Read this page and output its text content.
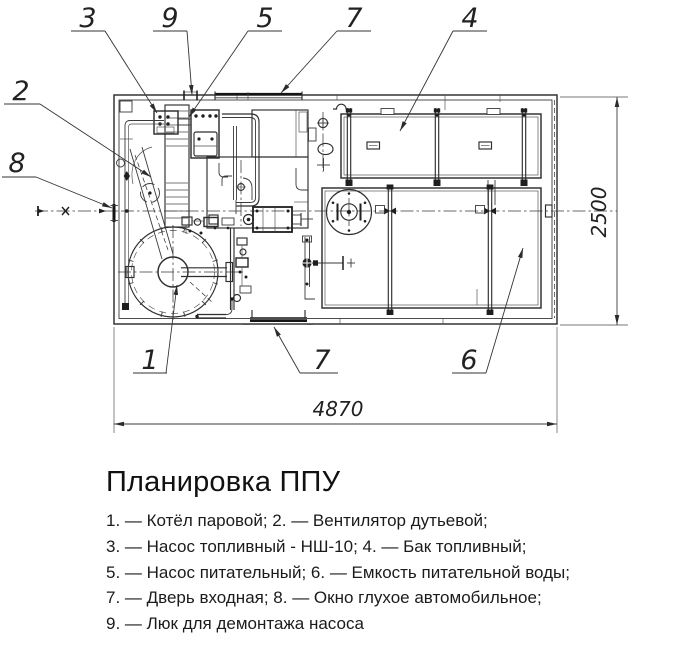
4870
2500
3 9	5	7	4
2
8
1	7	6
Планировка ППУ
1. — Котёл паровой; 2. — Вентилятор дутьевой;
3. — Насос топливный - НШ-10; 4. — Бак топливный;
5. — Насос питательный; 6. — Емкость питательной воды;
7. — Дверь входная; 8. — Окно глухое автомобильное;
9. — Люк для демонтажа насоса
